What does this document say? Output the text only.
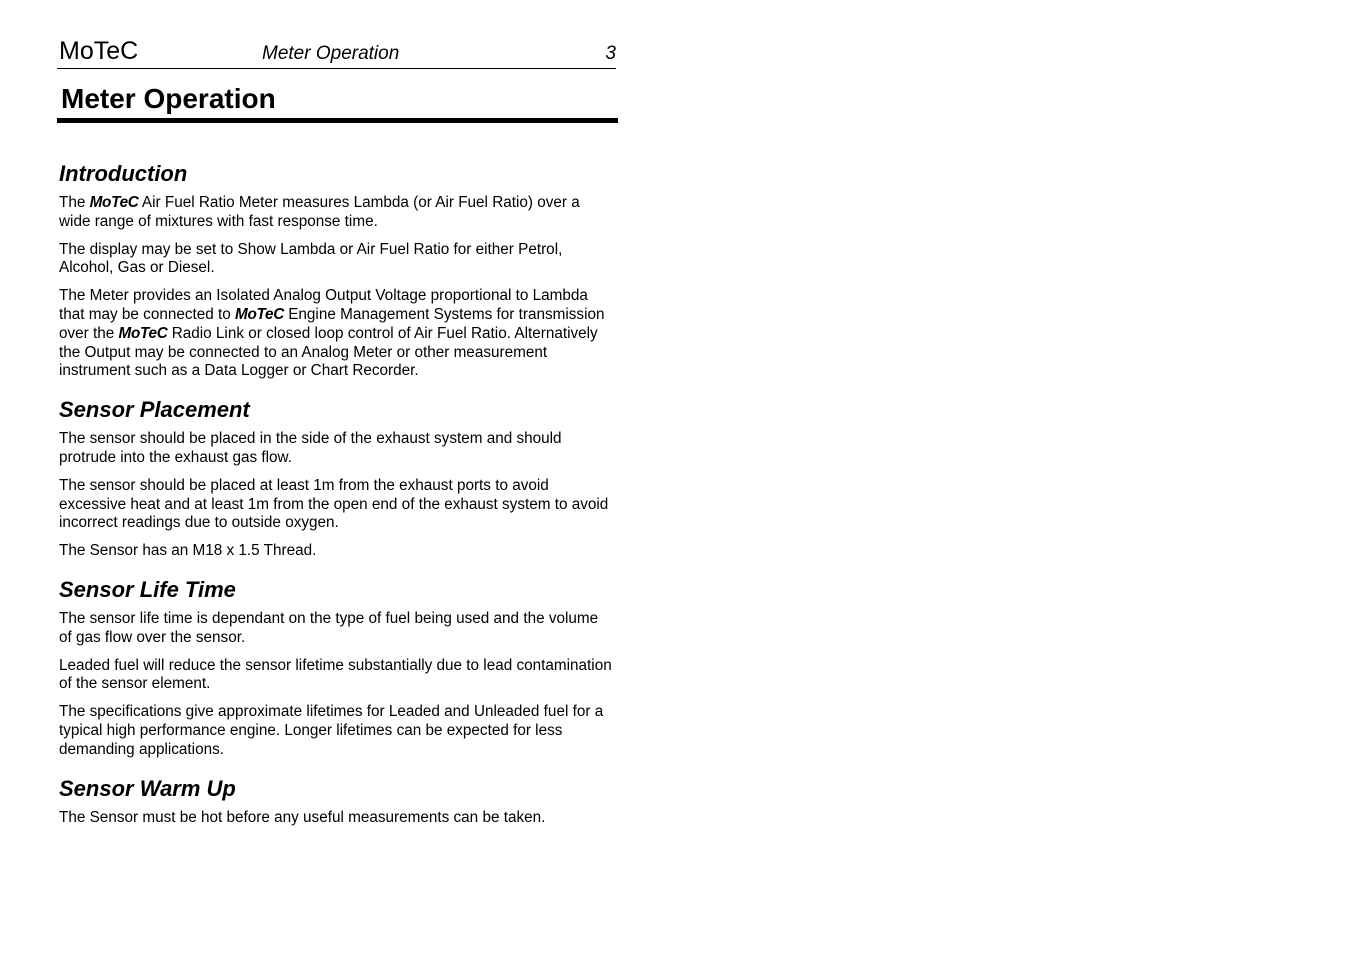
MoTeC	Meter Operation	3
Meter Operation
Introduction

The MoTeC Air Fuel Ratio Meter measures Lambda (or Air Fuel Ratio) over a wide range of mixtures with fast response time.

The display may be set to Show Lambda or Air Fuel Ratio for either Petrol, Alcohol, Gas or Diesel.

The Meter provides an Isolated Analog Output Voltage proportional to Lambda that may be connected to MoTeC Engine Management Systems for transmission over the MoTeC Radio Link or closed loop control of Air Fuel Ratio. Alternatively the Output may be connected to an Analog Meter or other measurement instrument such as a Data Logger or Chart Recorder.

Sensor Placement

The sensor should be placed in the side of the exhaust system and should protrude into the exhaust gas flow.

The sensor should be placed at least 1m from the exhaust ports to avoid excessive heat and at least 1m from the open end of the exhaust system to avoid incorrect readings due to outside oxygen.

The Sensor has an M18 x 1.5 Thread.

Sensor Life Time

The sensor life time is dependant on the type of fuel being used and the volume of gas flow over the sensor.

Leaded fuel will reduce the sensor lifetime substantially due to lead contamination of the sensor element.

The specifications give approximate lifetimes for Leaded and Unleaded fuel for a typical high performance engine. Longer lifetimes can be expected for less demanding applications.

Sensor Warm Up

The Sensor must be hot before any useful measurements can be taken.
